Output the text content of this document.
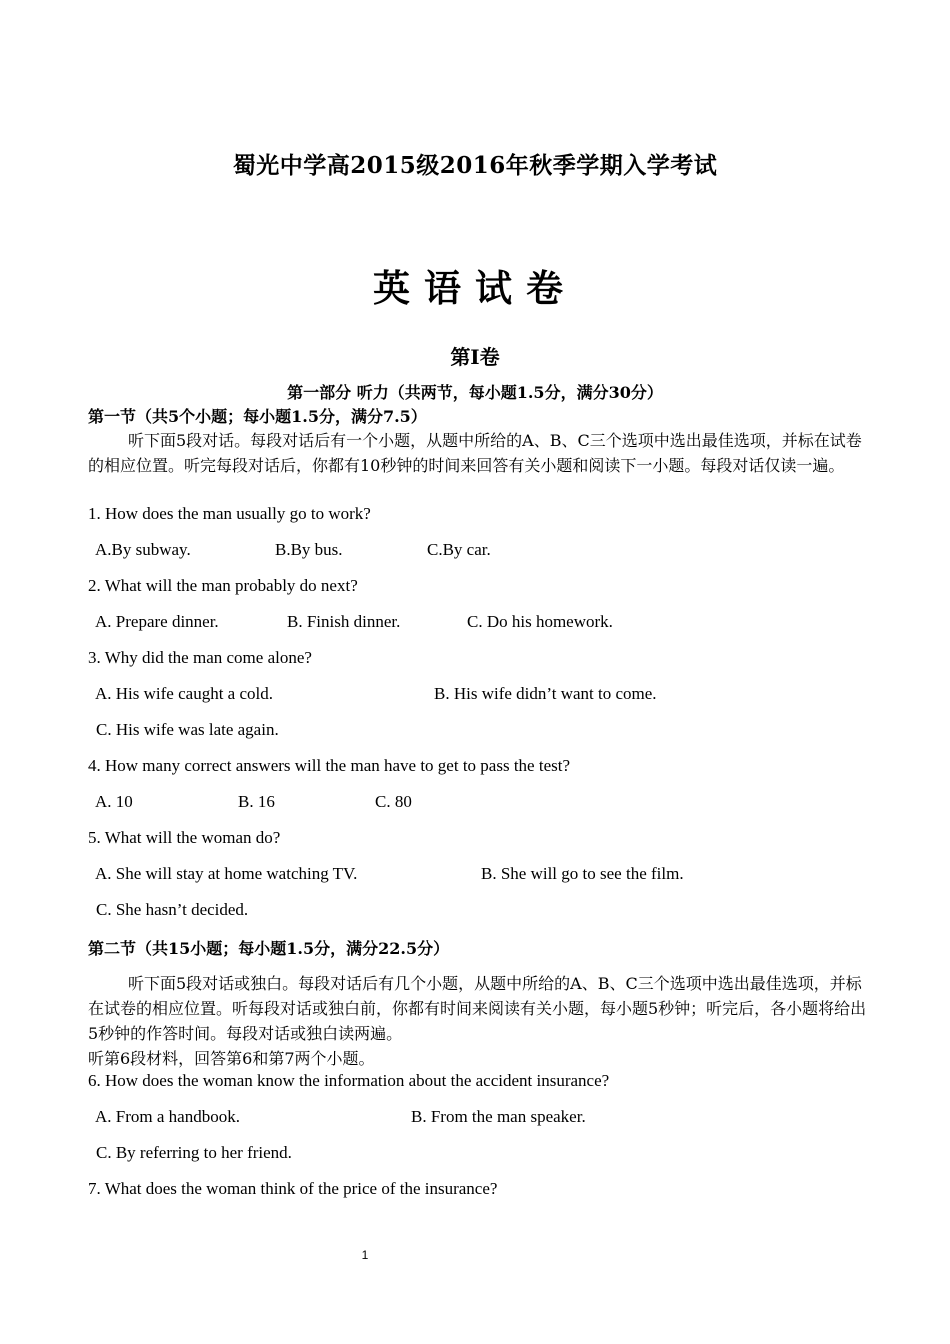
蜀光中学高2015级2016年秋季学期入学考试
英语试卷
第Ⅰ卷
第一部分 听力（共两节，每小题1.5分，满分30分）
第一节（共5个小题；每小题1.5分，满分7.5）
听下面5段对话。每段对话后有一个小题，从题中所给的A、B、C三个选项中选出最佳选项，并标在试卷的相应位置。听完每段对话后，你都有10秒钟的时间来回答有关小题和阅读下一小题。每段对话仅读一遍。
1. How does the man usually go to work?
A.By subway.	B.By bus.	C.By car.
2. What will the man probably do next?
A. Prepare dinner.	B. Finish dinner.	C. Do his homework.
3. Why did the man come alone?
A. His wife caught a cold.	B. His wife didn’t want to come.
C. His wife was late again.
4. How many correct answers will the man have to get to pass the test?
A. 10	B. 16	C. 80
5. What will the woman do?
A. She will stay at home watching TV.	B. She will go to see the film.
C. She hasn’t decided.
第二节（共15小题；每小题1.5分，满分22.5分）
听下面5段对话或独白。每段对话后有几个小题，从题中所给的A、B、C三个选项中选出最佳选项，并标在试卷的相应位置。听每段对话或独白前，你都有时间来阅读有关小题，每小题5秒钟；听完后，各小题将给出5秒钟的作答时间。每段对话或独白读两遍。
听第6段材料，回答第6和第7两个小题。
6. How does the woman know the information about the accident insurance?
A. From a handbook.	B. From the man speaker.
C. By referring to her friend.
7. What does the woman think of the price of the insurance?
1
